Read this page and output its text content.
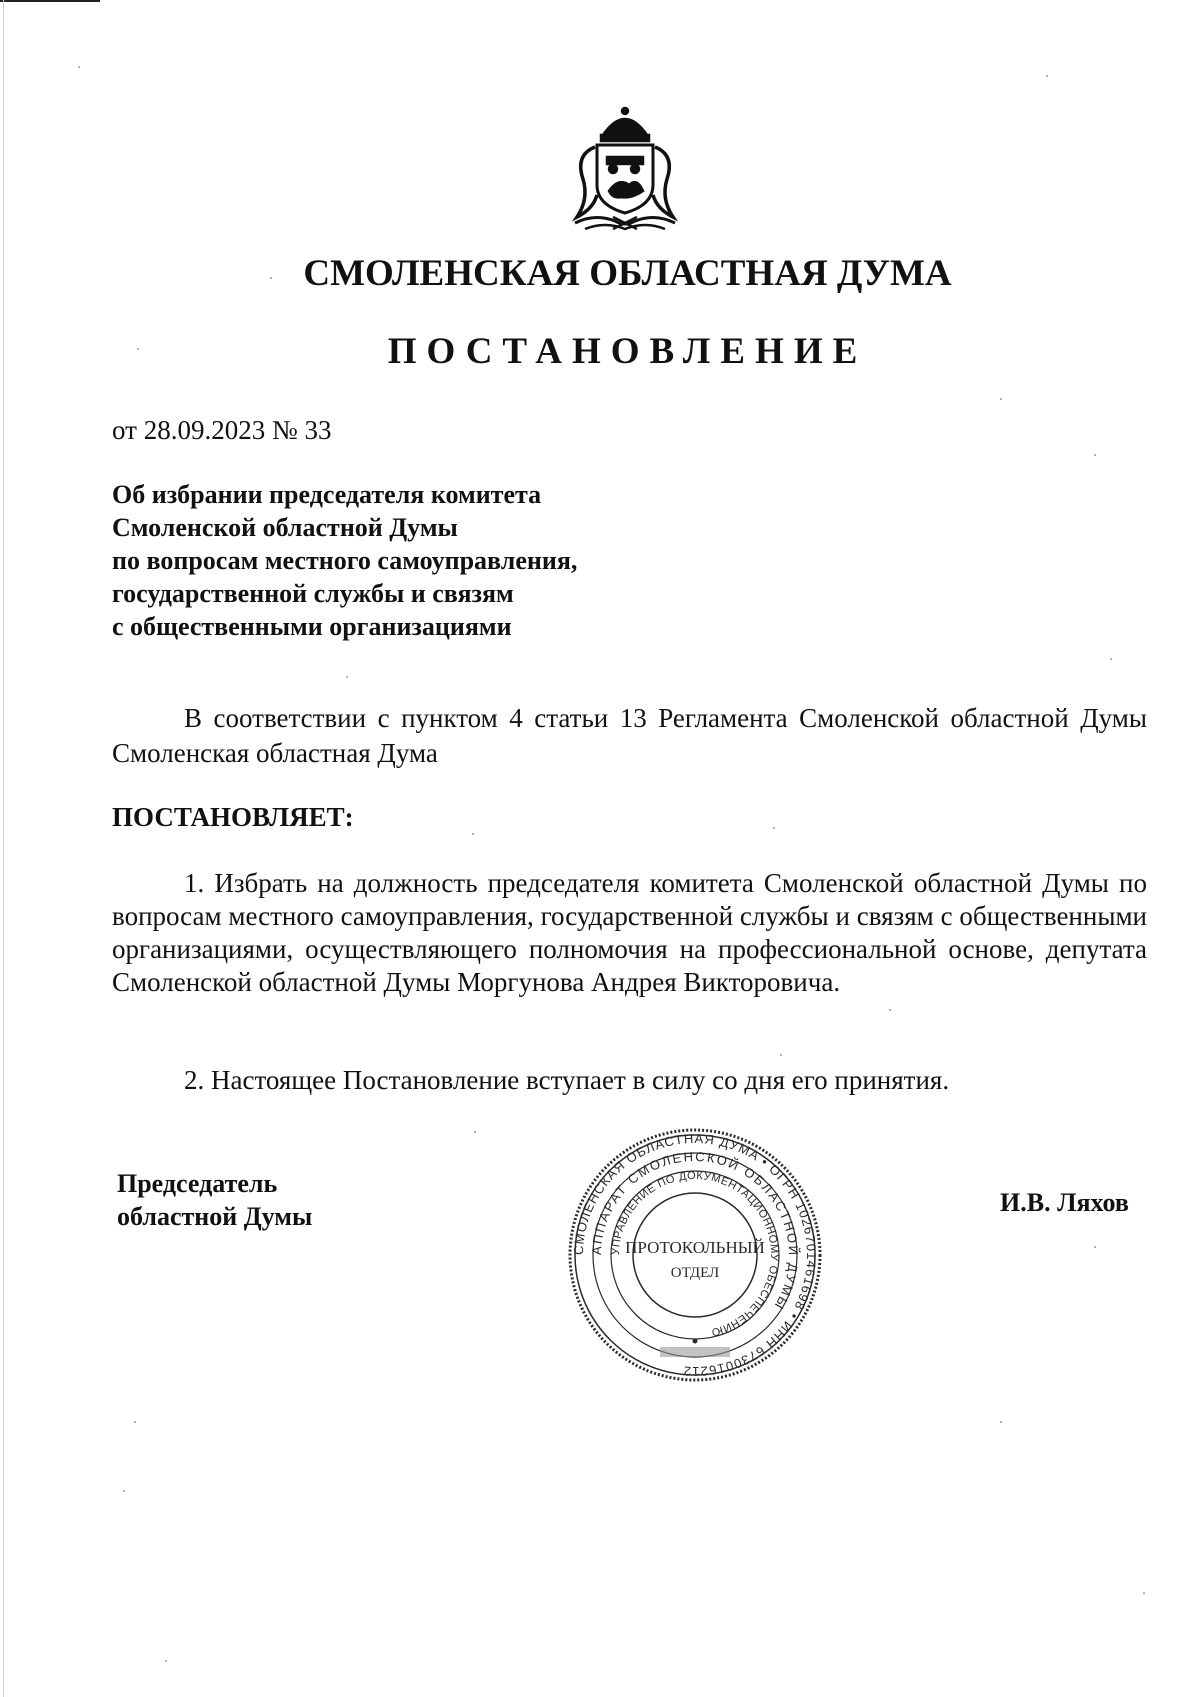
СМОЛЕНСКАЯ ОБЛАСТНАЯ ДУМА
ПОСТАНОВЛЕНИЕ
от 28.09.2023 № 33
Об избрании председателя комитета
Смоленской областной Думы
по вопросам местного самоуправления,
государственной службы и связям
с общественными организациями

В соответствии с пунктом 4 статьи 13 Регламента Смоленской областной Думы Смоленская областная Дума

ПОСТАНОВЛЯЕТ:

1. Избрать на должность председателя комитета Смоленской областной Думы по вопросам местного самоуправления, государственной службы и связям с общественными организациями, осуществляющего полномочия на профессиональной основе, депутата Смоленской областной Думы Моргунова Андрея Викторовича.

2. Настоящее Постановление вступает в силу со дня его принятия.

Председатель
областной Думы	И.В. Ляхов
СМОЛЕНСКАЯ ОБЛАСТНАЯ ДУМА • ОГРН 1026701461698 • ИНН 6730016212
АППАРАТ СМОЛЕНСКОЙ ОБЛАСТНОЙ ДУМЫ
УПРАВЛЕНИЕ ПО ДОКУМЕНТАЦИОННОМУ ОБЕСПЕЧЕНИЮ
ПРОТОКОЛЬНЫЙ
ОТДЕЛ
